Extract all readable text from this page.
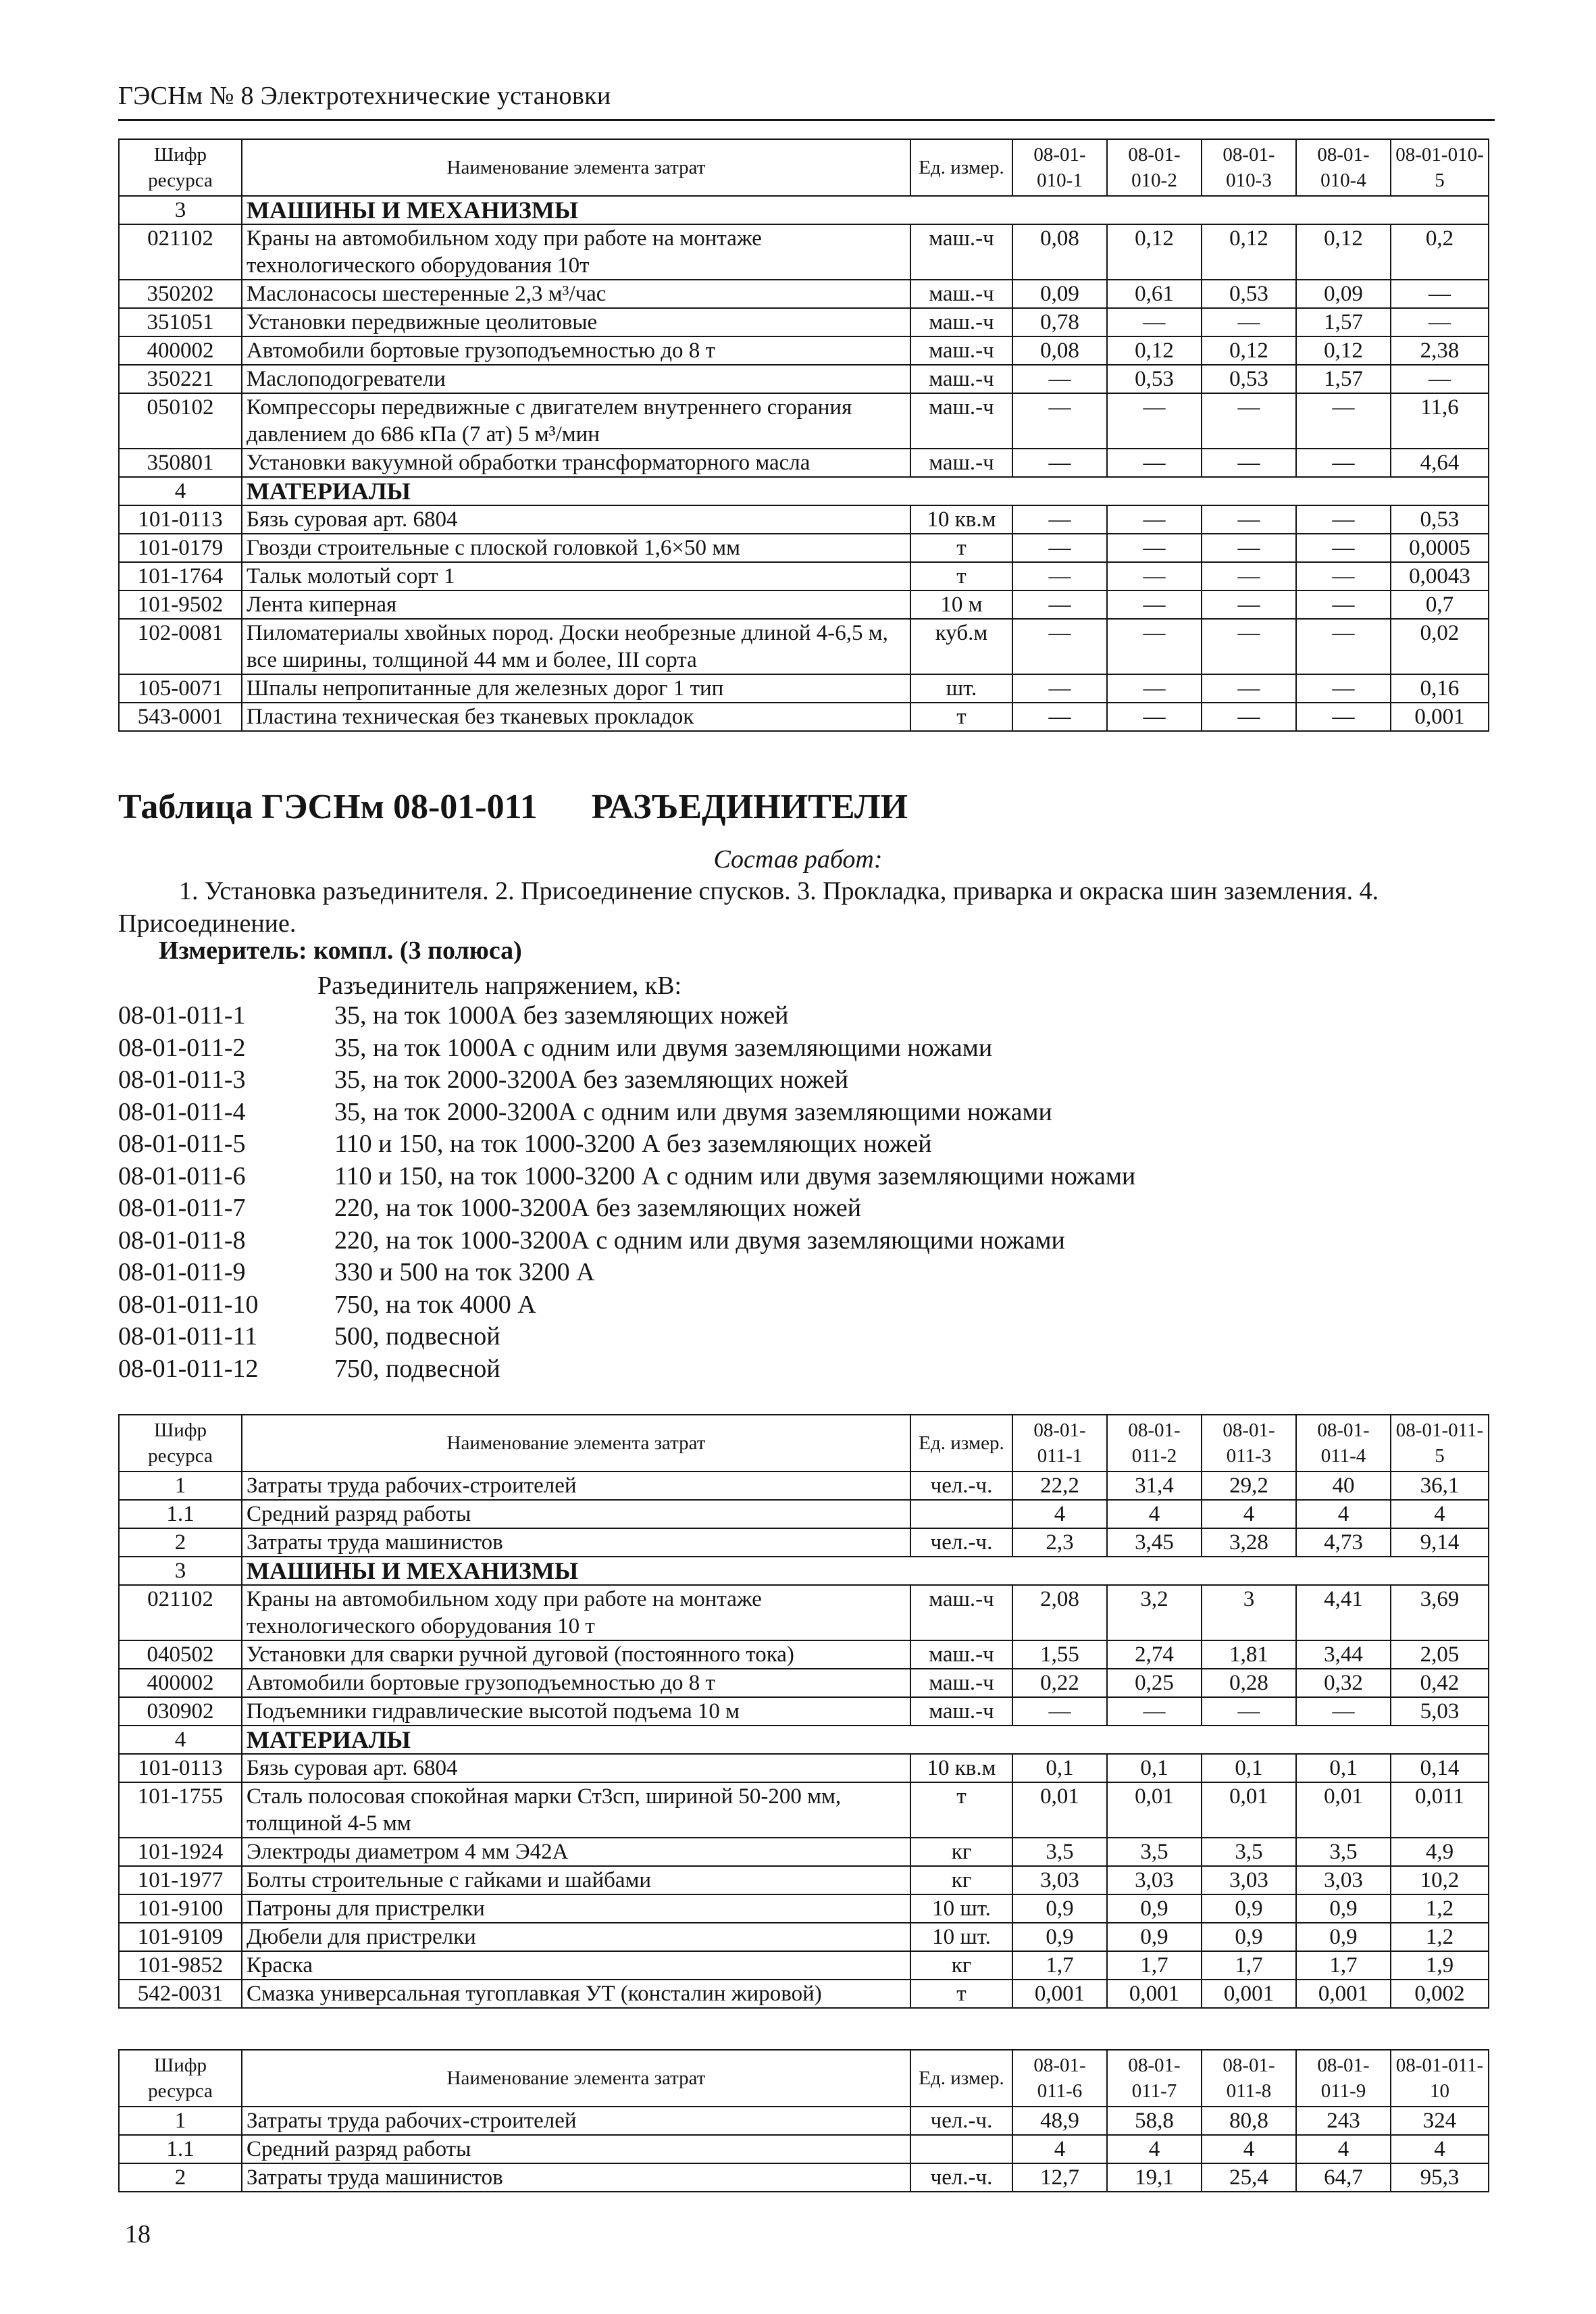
ГЭСНм № 8 Электротехнические установки
Шифр ресурса	Наименование элемента затрат	Ед. измер.	08-01-010-1	08-01-010-2	08-01-010-3	08-01-010-4	08-01-010-5
3	МАШИНЫ И МЕХАНИЗМЫ						
021102	Краны на автомобильном ходу при работе на монтаже технологического оборудования 10т	маш.-ч	0,08	0,12	0,12	0,12	0,2
350202	Маслонасосы шестеренные 2,3 м³/час	маш.-ч	0,09	0,61	0,53	0,09	—
351051	Установки передвижные цеолитовые	маш.-ч	0,78	—	—	1,57	—
400002	Автомобили бортовые грузоподъемностью до 8 т	маш.-ч	0,08	0,12	0,12	0,12	2,38
350221	Маслоподогреватели	маш.-ч	—	0,53	0,53	1,57	—
050102	Компрессоры передвижные с двигателем внутреннего сгорания давлением до 686 кПа (7 ат) 5 м³/мин	маш.-ч	—	—	—	—	11,6
350801	Установки вакуумной обработки трансформаторного масла	маш.-ч	—	—	—	—	4,64
4	МАТЕРИАЛЫ						
101-0113	Бязь суровая арт. 6804	10 кв.м	—	—	—	—	0,53
101-0179	Гвозди строительные с плоской головкой 1,6×50 мм	т	—	—	—	—	0,0005
101-1764	Тальк молотый сорт 1	т	—	—	—	—	0,0043
101-9502	Лента киперная	10 м	—	—	—	—	0,7
102-0081	Пиломатериалы хвойных пород. Доски необрезные длиной 4-6,5 м, все ширины, толщиной 44 мм и более, III сорта	куб.м	—	—	—	—	0,02
105-0071	Шпалы непропитанные для железных дорог 1 тип	шт.	—	—	—	—	0,16
543-0001	Пластина техническая без тканевых прокладок	т	—	—	—	—	0,001
Таблица ГЭСНм 08-01-011 РАЗЪЕДИНИТЕЛИ
Состав работ:
1. Установка разъединителя. 2. Присоединение спусков. 3. Прокладка, приварка и окраска шин заземления. 4. Присоединение.
Измеритель: компл. (3 полюса)
Разъединитель напряжением, кВ:
08-01-011-1	35, на ток 1000А без заземляющих ножей
08-01-011-2	35, на ток 1000А с одним или двумя заземляющими ножами
08-01-011-3	35, на ток 2000-3200А без заземляющих ножей
08-01-011-4	35, на ток 2000-3200А с одним или двумя заземляющими ножами
08-01-011-5	110 и 150, на ток 1000-3200 А без заземляющих ножей
08-01-011-6	110 и 150, на ток 1000-3200 А с одним или двумя заземляющими ножами
08-01-011-7	220, на ток 1000-3200А без заземляющих ножей
08-01-011-8	220, на ток 1000-3200А с одним или двумя заземляющими ножами
08-01-011-9	330 и 500 на ток 3200 А
08-01-011-10	750, на ток 4000 А
08-01-011-11	500, подвесной
08-01-011-12	750, подвесной
Шифр ресурса	Наименование элемента затрат	Ед. измер.	08-01-011-1	08-01-011-2	08-01-011-3	08-01-011-4	08-01-011-5
1	Затраты труда рабочих-строителей	чел.-ч.	22,2	31,4	29,2	40	36,1
1.1	Средний разряд работы		4	4	4	4	4
2	Затраты труда машинистов	чел.-ч.	2,3	3,45	3,28	4,73	9,14
3	МАШИНЫ И МЕХАНИЗМЫ						
021102	Краны на автомобильном ходу при работе на монтаже технологического оборудования 10 т	маш.-ч	2,08	3,2	3	4,41	3,69
040502	Установки для сварки ручной дуговой (постоянного тока)	маш.-ч	1,55	2,74	1,81	3,44	2,05
400002	Автомобили бортовые грузоподъемностью до 8 т	маш.-ч	0,22	0,25	0,28	0,32	0,42
030902	Подъемники гидравлические высотой подъема 10 м	маш.-ч	—	—	—	—	5,03
4	МАТЕРИАЛЫ						
101-0113	Бязь суровая арт. 6804	10 кв.м	0,1	0,1	0,1	0,1	0,14
101-1755	Сталь полосовая спокойная марки Ст3сп, шириной 50-200 мм, толщиной 4-5 мм	т	0,01	0,01	0,01	0,01	0,011
101-1924	Электроды диаметром 4 мм Э42А	кг	3,5	3,5	3,5	3,5	4,9
101-1977	Болты строительные с гайками и шайбами	кг	3,03	3,03	3,03	3,03	10,2
101-9100	Патроны для пристрелки	10 шт.	0,9	0,9	0,9	0,9	1,2
101-9109	Дюбели для пристрелки	10 шт.	0,9	0,9	0,9	0,9	1,2
101-9852	Краска	кг	1,7	1,7	1,7	1,7	1,9
542-0031	Смазка универсальная тугоплавкая УТ (консталин жировой)	т	0,001	0,001	0,001	0,001	0,002
Шифр ресурса	Наименование элемента затрат	Ед. измер.	08-01-011-6	08-01-011-7	08-01-011-8	08-01-011-9	08-01-011-10
1	Затраты труда рабочих-строителей	чел.-ч.	48,9	58,8	80,8	243	324
1.1	Средний разряд работы		4	4	4	4	4
2	Затраты труда машинистов	чел.-ч.	12,7	19,1	25,4	64,7	95,3
18
